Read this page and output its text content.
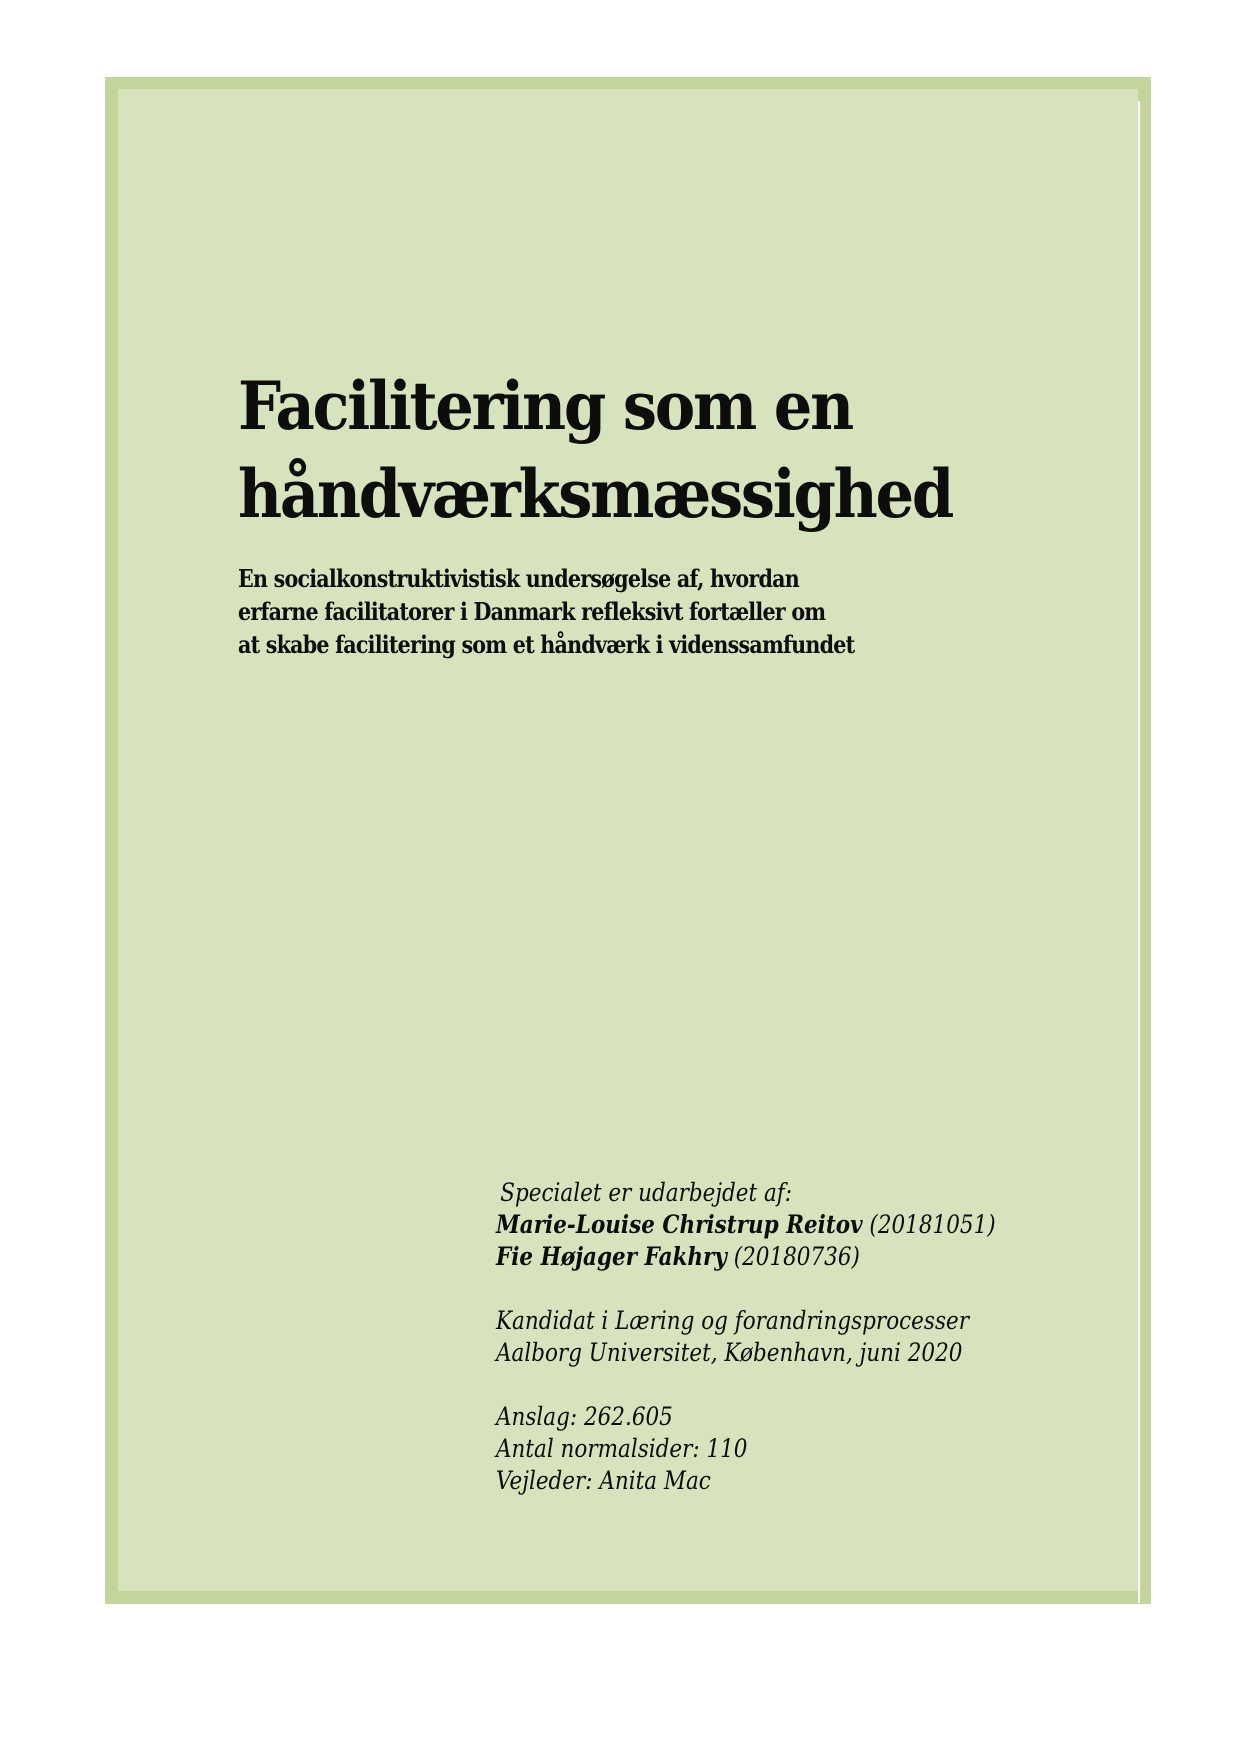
Facilitering som en
håndværksmæssighed

En socialkonstruktivistisk undersøgelse af, hvordan
erfarne facilitatorer i Danmark refleksivt fortæller om
at skabe facilitering som et håndværk i videnssamfundet

Specialet er udarbejdet af:
Marie-Louise Christrup Reitov (20181051)
Fie Højager Fakhry (20180736)
Kandidat i Læring og forandringsprocesser
Aalborg Universitet, København, juni 2020
Anslag: 262.605
Antal normalsider: 110
Vejleder: Anita Mac
